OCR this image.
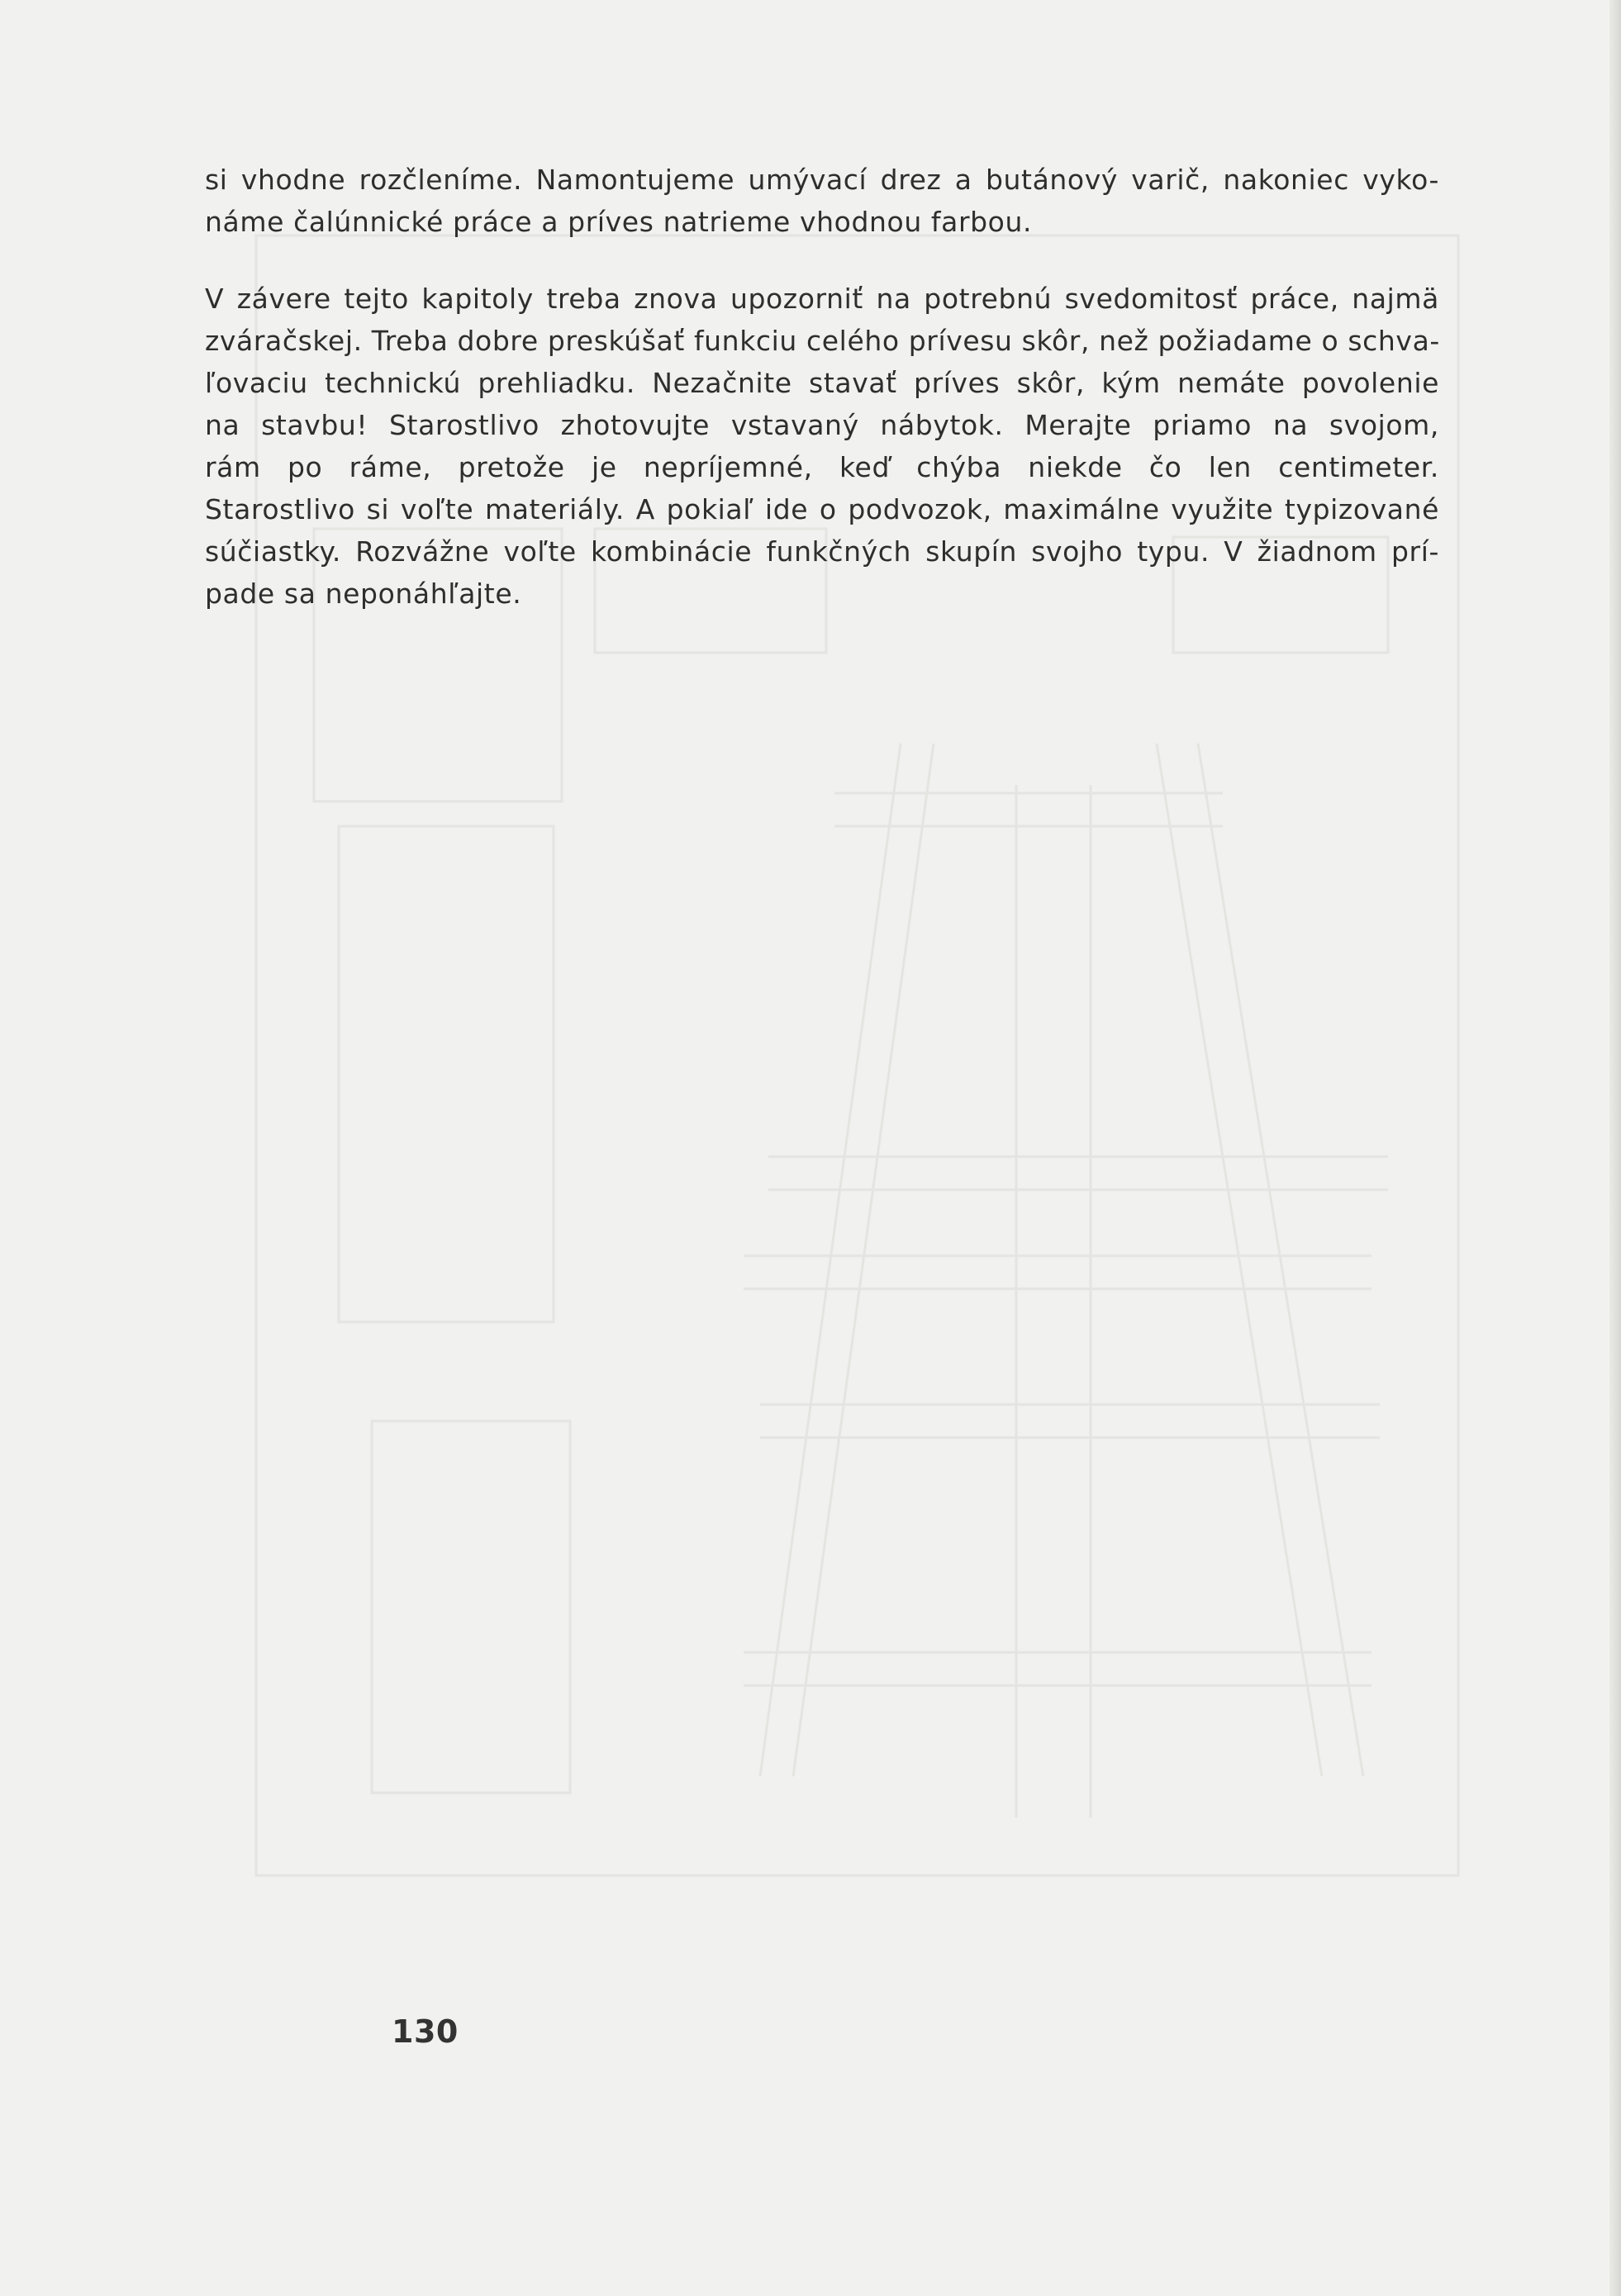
si vhodne rozčleníme. Namontujeme umývací drez a butánový varič, nakoniec vyko-
náme čalúnnické práce a príves natrieme vhodnou farbou.

V závere tejto kapitoly treba znova upozorniť na potrebnú svedomitosť práce, najmä
zváračskej. Treba dobre preskúšať funkciu celého prívesu skôr, než požiadame o schva-
ľovaciu technickú prehliadku. Nezačnite stavať príves skôr, kým nemáte povolenie
na stavbu! Starostlivo zhotovujte vstavaný nábytok. Merajte priamo na svojom,
rám po ráme, pretože je nepríjemné, keď chýba niekde čo len centimeter.
Starostlivo si voľte materiály. A pokiaľ ide o podvozok, maximálne využite typizované
súčiastky. Rozvážne voľte kombinácie funkčných skupín svojho typu. V žiadnom prí-
pade sa neponáhľajte.

130
